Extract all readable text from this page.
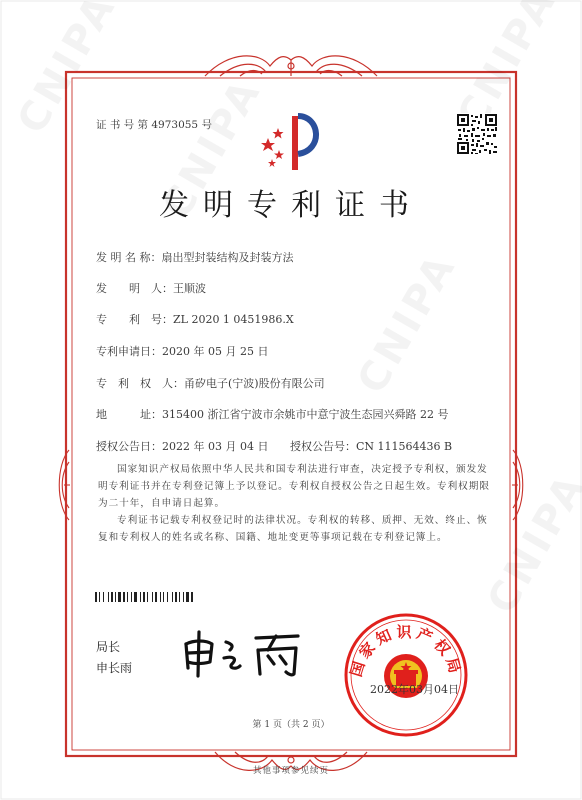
证 书 号 第 4973055 号
发明专利证书
发 明 名 称：扇出型封装结构及封装方法
发　　明　人：王顺波
专　　利　号：ZL 2020 1 0451986.X
专利申请日：2020 年 05 月 25 日
专　利　权　人：甬矽电子(宁波)股份有限公司
地　　　址：315400 浙江省宁波市余姚市中意宁波生态园兴舜路 22 号
授权公告日：2022 年 03 月 04 日 授权公告号：CN 111564436 B
国家知识产权局依照中华人民共和国专利法进行审查，决定授予专利权，颁发发明专利证书并在专利登记簿上予以登记。专利权自授权公告之日起生效。专利权期限为二十年，自申请日起算。
专利证书记载专利权登记时的法律状况。专利权的转移、质押、无效、终止、恢复和专利权人的姓名或名称、国籍、地址变更等事项记载在专利登记簿上。
局长
申长雨	国家知识产权局
2022年03月04日
第 1 页（共 2 页）
其他事项参见续页
